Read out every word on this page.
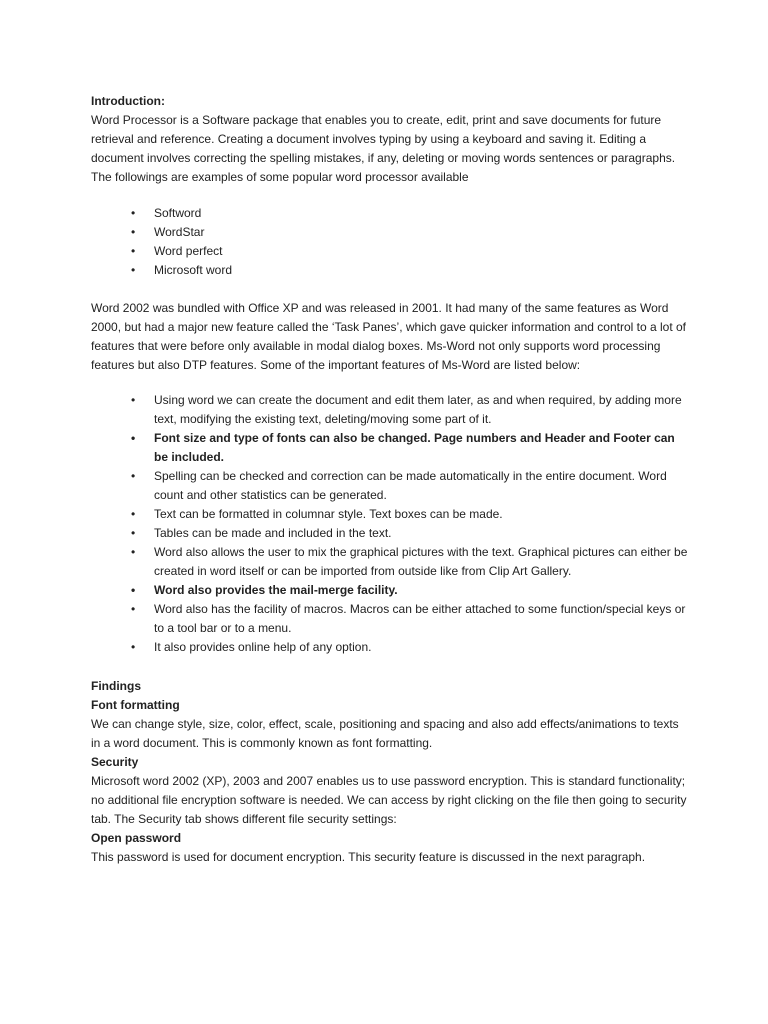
Introduction:

Word Processor is a Software package that enables you to create, edit, print and save documents for future retrieval and reference. Creating a document involves typing by using a keyboard and saving it. Editing a document involves correcting the spelling mistakes, if any, deleting or moving words sentences or paragraphs.

The followings are examples of some popular word processor available

• Softword
• WordStar
• Word perfect
• Microsoft word

Word 2002 was bundled with Office XP and was released in 2001. It had many of the same features as Word 2000, but had a major new feature called the ‘Task Panes’, which gave quicker information and control to a lot of features that were before only available in modal dialog boxes. Ms-Word not only supports word processing features but also DTP features. Some of the important features of Ms-Word are listed below:

• Using word we can create the document and edit them later, as and when required, by adding more text, modifying the existing text, deleting/moving some part of it.
• Font size and type of fonts can also be changed. Page numbers and Header and Footer can be included.
• Spelling can be checked and correction can be made automatically in the entire document. Word count and other statistics can be generated.
• Text can be formatted in columnar style. Text boxes can be made.
• Tables can be made and included in the text.
• Word also allows the user to mix the graphical pictures with the text. Graphical pictures can either be created in word itself or can be imported from outside like from Clip Art Gallery.
• Word also provides the mail-merge facility.
• Word also has the facility of macros. Macros can be either attached to some function/special keys or to a tool bar or to a menu.
• It also provides online help of any option.

Findings

Font formatting

We can change style, size, color, effect, scale, positioning and spacing and also add effects/animations to texts in a word document. This is commonly known as font formatting.

Security

Microsoft word 2002 (XP), 2003 and 2007 enables us to use password encryption. This is standard functionality; no additional file encryption software is needed. We can access by right clicking on the file then going to security tab. The Security tab shows different file security settings:

Open password

This password is used for document encryption. This security feature is discussed in the next paragraph.
